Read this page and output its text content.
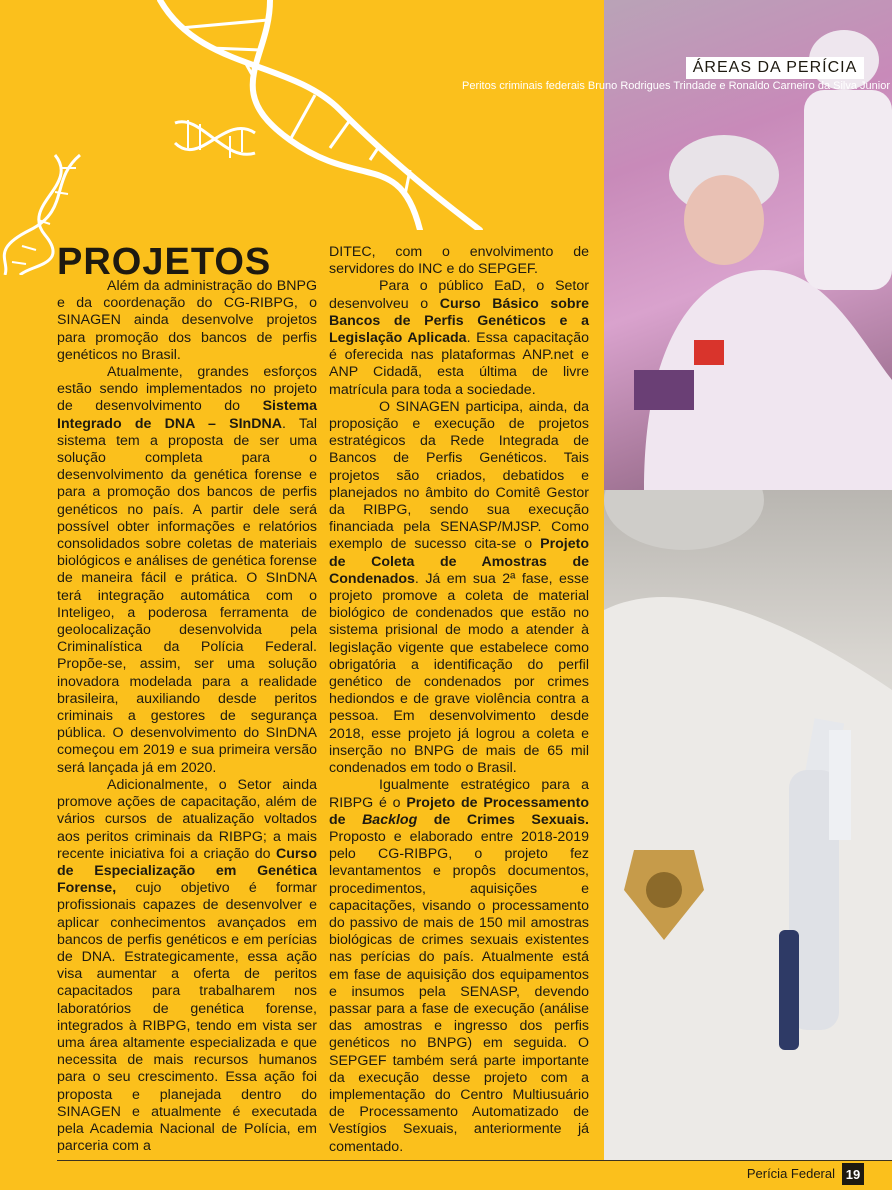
ÁREAS DA PERÍCIA
Peritos criminais federais Bruno Rodrigues Trindade e Ronaldo Carneiro da Silva Junior
PROJETOS

Além da administração do BNPG e da coordenação do CG-RIBPG, o SINAGEN ainda desenvolve projetos para promoção dos bancos de perfis genéticos no Brasil.

Atualmente, grandes esforços estão sendo implementados no projeto de desenvolvimento do Sistema Integrado de DNA – SInDNA. Tal sistema tem a proposta de ser uma solução completa para o desenvolvimento da genética forense e para a promoção dos bancos de perfis genéticos no país. A partir dele será possível obter informações e relatórios consolidados sobre coletas de materiais biológicos e análises de genética forense de maneira fácil e prática. O SInDNA terá integração automática com o Inteligeo, a poderosa ferramenta de geolocalização desenvolvida pela Criminalística da Polícia Federal. Propõe-se, assim, ser uma solução inovadora modelada para a realidade brasileira, auxiliando desde peritos criminais a gestores de segurança pública. O desenvolvimento do SInDNA começou em 2019 e sua primeira versão será lançada já em 2020.

Adicionalmente, o Setor ainda promove ações de capacitação, além de vários cursos de atualização voltados aos peritos criminais da RIBPG; a mais recente iniciativa foi a criação do Curso de Especialização em Genética Forense, cujo objetivo é formar profissionais capazes de desenvolver e aplicar conhecimentos avançados em bancos de perfis genéticos e em perícias de DNA. Estrategicamente, essa ação visa aumentar a oferta de peritos capacitados para trabalharem nos laboratórios de genética forense, integrados à RIBPG, tendo em vista ser uma área altamente especializada e que necessita de mais recursos humanos para o seu crescimento. Essa ação foi proposta e planejada dentro do SINAGEN e atualmente é executada pela Academia Nacional de Polícia, em parceria com a

DITEC, com o envolvimento de servidores do INC e do SEPGEF.

Para o público EaD, o Setor desenvolveu o Curso Básico sobre Bancos de Perfis Genéticos e a Legislação Aplicada. Essa capacitação é oferecida nas plataformas ANP.net e ANP Cidadã, esta última de livre matrícula para toda a sociedade.

O SINAGEN participa, ainda, da proposição e execução de projetos estratégicos da Rede Integrada de Bancos de Perfis Genéticos. Tais projetos são criados, debatidos e planejados no âmbito do Comitê Gestor da RIBPG, sendo sua execução financiada pela SENASP/MJSP. Como exemplo de sucesso cita-se o Projeto de Coleta de Amostras de Condenados. Já em sua 2ª fase, esse projeto promove a coleta de material biológico de condenados que estão no sistema prisional de modo a atender à legislação vigente que estabelece como obrigatória a identificação do perfil genético de condenados por crimes hediondos e de grave violência contra a pessoa. Em desenvolvimento desde 2018, esse projeto já logrou a coleta e inserção no BNPG de mais de 65 mil condenados em todo o Brasil.

Igualmente estratégico para a RIBPG é o Projeto de Processamento de Backlog de Crimes Sexuais. Proposto e elaborado entre 2018-2019 pelo CG-RIBPG, o projeto fez levantamentos e propôs documentos, procedimentos, aquisições e capacitações, visando o processamento do passivo de mais de 150 mil amostras biológicas de crimes sexuais existentes nas perícias do país. Atualmente está em fase de aquisição dos equipamentos e insumos pela SENASP, devendo passar para a fase de execução (análise das amostras e ingresso dos perfis genéticos no BNPG) em seguida. O SEPGEF também será parte importante da execução desse projeto com a implementação do Centro Multiusuário de Processamento Automatizado de Vestígios Sexuais, anteriormente já comentado.

Perícia Federal 19
